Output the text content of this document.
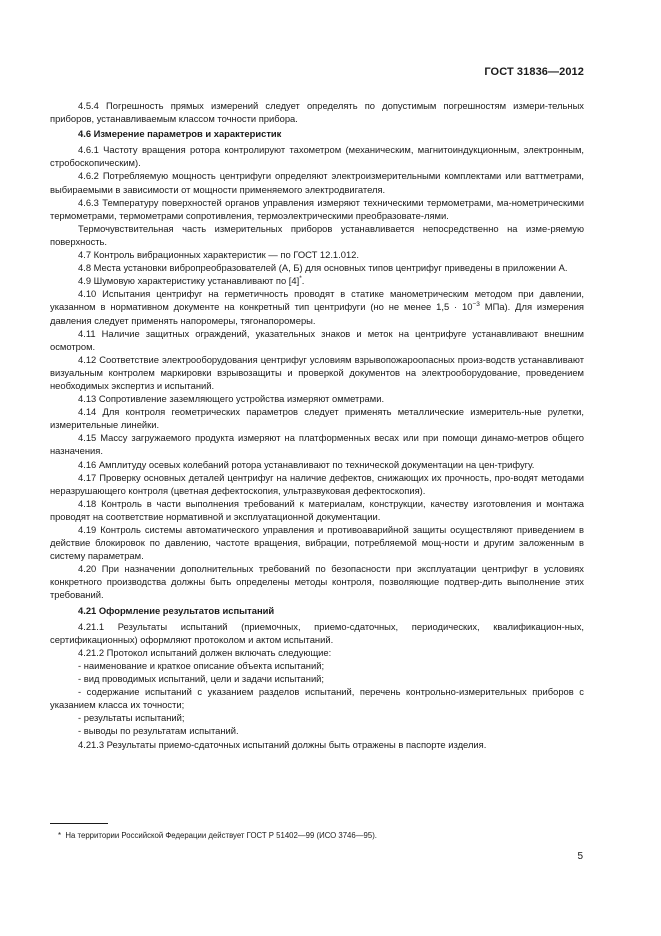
ГОСТ 31836—2012

4.5.4 Погрешность прямых измерений следует определять по допустимым погрешностям измери-тельных приборов, устанавливаемым классом точности прибора.

4.6 Измерение параметров и характеристик

4.6.1 Частоту вращения ротора контролируют тахометром (механическим, магнитоиндукционным, электронным, стробоскопическим).

4.6.2 Потребляемую мощность центрифуги определяют электроизмерительными комплектами или ваттметрами, выбираемыми в зависимости от мощности применяемого электродвигателя.

4.6.3 Температуру поверхностей органов управления измеряют техническими термометрами, ма-нометрическими термометрами, термометрами сопротивления, термоэлектрическими преобразовате-лями.

Термочувствительная часть измерительных приборов устанавливается непосредственно на изме-ряемую поверхность.

4.7 Контроль вибрационных характеристик — по ГОСТ 12.1.012.

4.8 Места установки вибропреобразователей (А, Б) для основных типов центрифуг приведены в приложении А.

4.9 Шумовую характеристику устанавливают по [4]*.

4.10 Испытания центрифуг на герметичность проводят в статике манометрическим методом при давлении, указанном в нормативном документе на конкретный тип центрифуги (но не менее $1,5 \cdot 10^{-3}$ МПа). Для измерения давления следует применять напоромеры, тягонапоромеры.

4.11 Наличие защитных ограждений, указательных знаков и меток на центрифуге устанавливают внешним осмотром.

4.12 Соответствие электрооборудования центрифуг условиям взрывопожароопасных произ-водств устанавливают визуальным контролем маркировки взрывозащиты и проверкой документов на электрооборудование, проведением необходимых экспертиз и испытаний.

4.13 Сопротивление заземляющего устройства измеряют омметрами.

4.14 Для контроля геометрических параметров следует применять металлические измеритель-ные рулетки, измерительные линейки.

4.15 Массу загружаемого продукта измеряют на платформенных весах или при помощи динамо-метров общего назначения.

4.16 Амплитуду осевых колебаний ротора устанавливают по технической документации на цен-трифугу.

4.17 Проверку основных деталей центрифуг на наличие дефектов, снижающих их прочность, про-водят методами неразрушающего контроля (цветная дефектоскопия, ультразвуковая дефектоскопия).

4.18 Контроль в части выполнения требований к материалам, конструкции, качеству изготовления и монтажа проводят на соответствие нормативной и эксплуатационной документации.

4.19 Контроль системы автоматического управления и противоаварийной защиты осуществляют приведением в действие блокировок по давлению, частоте вращения, вибрации, потребляемой мощ-ности и другим заложенным в систему параметрам.

4.20 При назначении дополнительных требований по безопасности при эксплуатации центрифуг в условиях конкретного производства должны быть определены методы контроля, позволяющие подтвер-дить выполнение этих требований.

4.21 Оформление результатов испытаний

4.21.1 Результаты испытаний (приемочных, приемо-сдаточных, периодических, квалификацион-ных, сертификационных) оформляют протоколом и актом испытаний.

4.21.2 Протокол испытаний должен включать следующие:

- наименование и краткое описание объекта испытаний;

- вид проводимых испытаний, цели и задачи испытаний;

- содержание испытаний с указанием разделов испытаний, перечень контрольно-измерительных приборов с указанием класса их точности;

- результаты испытаний;

- выводы по результатам испытаний.

4.21.3 Результаты приемо-сдаточных испытаний должны быть отражены в паспорте изделия.

* На территории Российской Федерации действует ГОСТ Р 51402—99 (ИСО 3746—95).
5
